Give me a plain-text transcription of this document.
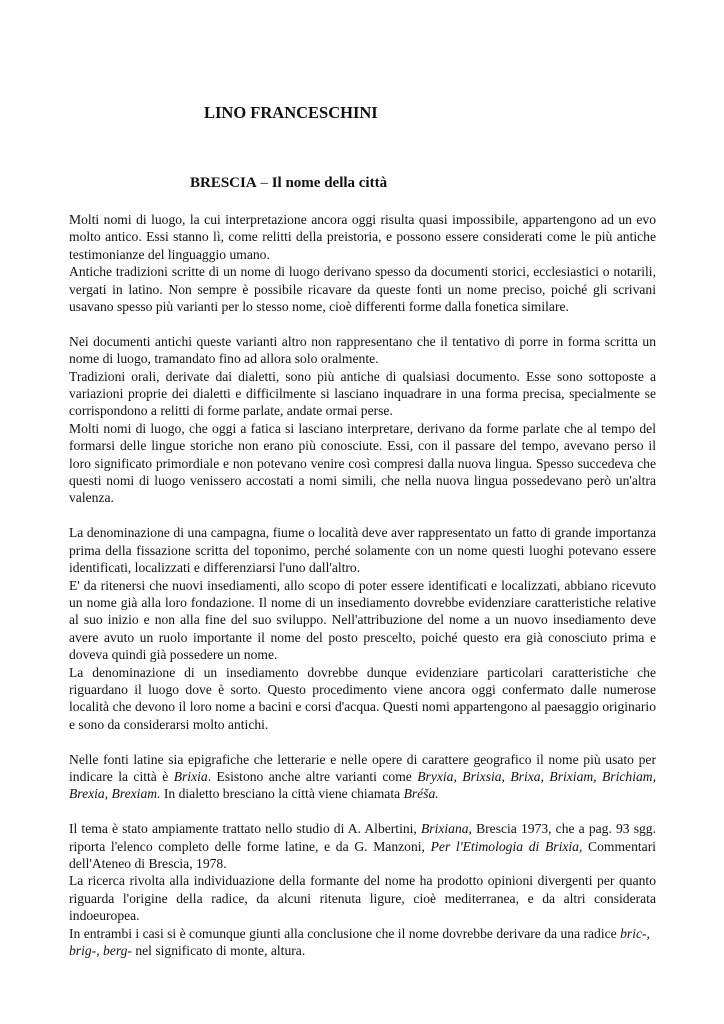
LINO FRANCESCHINI
BRESCIA – Il nome della città

Molti nomi di luogo, la cui interpretazione ancora oggi risulta quasi impossibile, appartengono ad un evo molto antico. Essi stanno lì, come relitti della preistoria, e possono essere considerati come le più antiche testimonianze del linguaggio umano.

Antiche tradizioni scritte di un nome di luogo derivano spesso da documenti storici, ecclesiastici o notarili, vergati in latino. Non sempre è possibile ricavare da queste fonti un nome preciso, poiché gli scrivani usavano spesso più varianti per lo stesso nome, cioè differenti forme dalla fonetica similare.

Nei documenti antichi queste varianti altro non rappresentano che il tentativo di porre in forma scritta un nome di luogo, tramandato fino ad allora solo oralmente.

Tradizioni orali, derivate dai dialetti, sono più antiche di qualsiasi documento. Esse sono sottoposte a variazioni proprie dei dialetti e difficilmente si lasciano inquadrare in una forma precisa, specialmente se corrispondono a relitti di forme parlate, andate ormai perse.

Molti nomi di luogo, che oggi a fatica si lasciano interpretare, derivano da forme parlate che al tempo del formarsi delle lingue storiche non erano più conosciute. Essi, con il passare del tempo, avevano perso il loro significato primordiale e non potevano venire così compresi dalla nuova lingua. Spesso succedeva che questi nomi di luogo venissero accostati a nomi simili, che nella nuova lingua possedevano però un'altra valenza.

La denominazione di una campagna, fiume o località deve aver rappresentato un fatto di grande importanza prima della fissazione scritta del toponimo, perché solamente con un nome questi luoghi potevano essere identificati, localizzati e differenziarsi l'uno dall'altro.

E' da ritenersi che nuovi insediamenti, allo scopo di poter essere identificati e localizzati, abbiano ricevuto un nome già alla loro fondazione. Il nome di un insediamento dovrebbe evidenziare caratteristiche relative al suo inizio e non alla fine del suo sviluppo. Nell'attribuzione del nome a un nuovo insediamento deve avere avuto un ruolo importante il nome del posto prescelto, poiché questo era già conosciuto prima e doveva quindi già possedere un nome.

La denominazione di un insediamento dovrebbe dunque evidenziare particolari caratteristiche che riguardano il luogo dove è sorto. Questo procedimento viene ancora oggi confermato dalle numerose località che devono il loro nome a bacini e corsi d'acqua. Questi nomi appartengono al paesaggio originario e sono da considerarsi molto antichi.

Nelle fonti latine sia epigrafiche che letterarie e nelle opere di carattere geografico il nome più usato per indicare la città è Brixia. Esistono anche altre varianti come Bryxia, Brixsia, Brixa, Brixiam, Brichiam, Brexia, Brexiam. In dialetto bresciano la città viene chiamata Bréša.

Il tema è stato ampiamente trattato nello studio di A. Albertini, Brixiana, Brescia 1973, che a pag. 93 sgg. riporta l'elenco completo delle forme latine, e da G. Manzoni, Per l'Etimologia di Brixia, Commentari dell'Ateneo di Brescia, 1978.

La ricerca rivolta alla individuazione della formante del nome ha prodotto opinioni divergenti per quanto riguarda l'origine della radice, da alcuni ritenuta ligure, cioè mediterranea, e da altri considerata indoeuropea.

In entrambi i casi si è comunque giunti alla conclusione che il nome dovrebbe derivare da una radice bric-, brig-, berg- nel significato di monte, altura.
